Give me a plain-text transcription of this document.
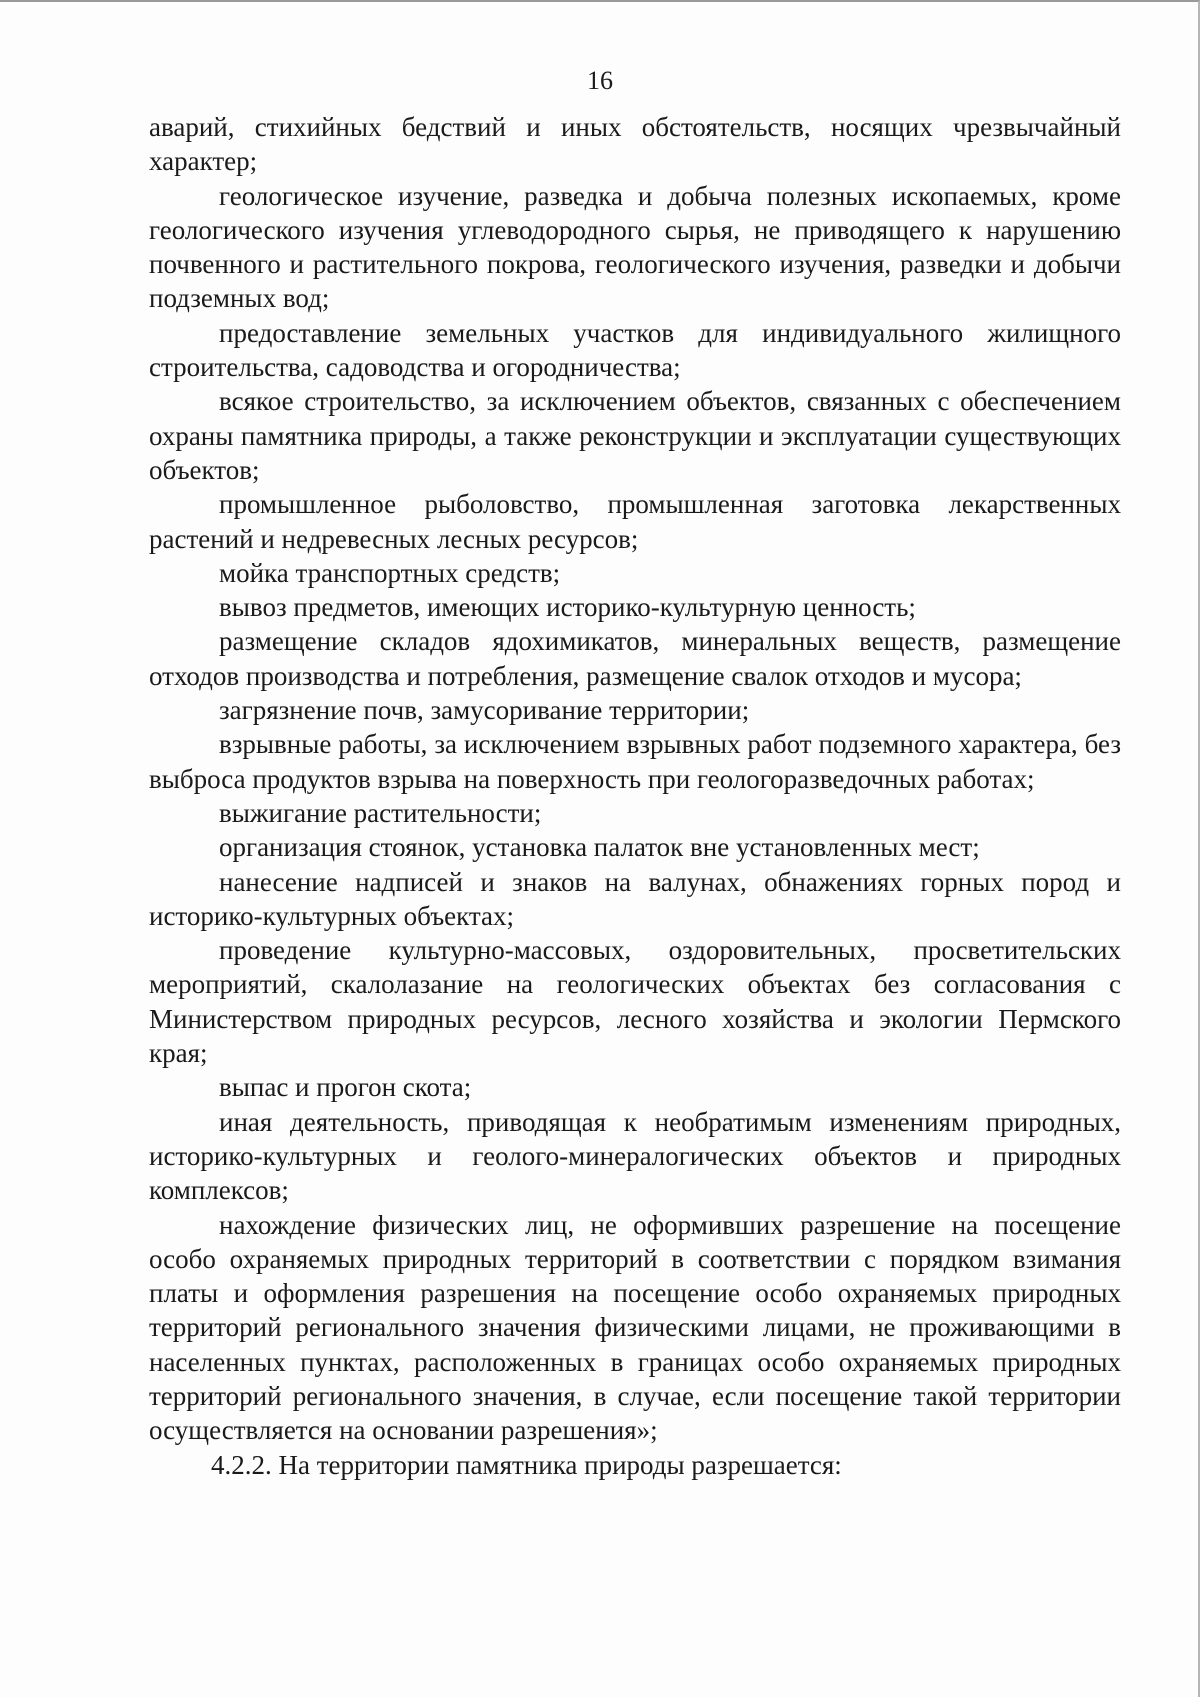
16

аварий, стихийных бедствий и иных обстоятельств, носящих чрезвычайный характер;

геологическое изучение, разведка и добыча полезных ископаемых, кроме геологического изучения углеводородного сырья, не приводящего к нарушению почвенного и растительного покрова, геологического изучения, разведки и добычи подземных вод;

предоставление земельных участков для индивидуального жилищного строительства, садоводства и огородничества;

всякое строительство, за исключением объектов, связанных с обеспечением охраны памятника природы, а также реконструкции и эксплуатации существующих объектов;

промышленное рыболовство, промышленная заготовка лекарственных растений и недревесных лесных ресурсов;

мойка транспортных средств;

вывоз предметов, имеющих историко-культурную ценность;

размещение складов ядохимикатов, минеральных веществ, размещение отходов производства и потребления, размещение свалок отходов и мусора;

загрязнение почв, замусоривание территории;

взрывные работы, за исключением взрывных работ подземного характера, без выброса продуктов взрыва на поверхность при геологоразведочных работах;

выжигание растительности;

организация стоянок, установка палаток вне установленных мест;

нанесение надписей и знаков на валунах, обнажениях горных пород и историко-культурных объектах;

проведение культурно-массовых, оздоровительных, просветительских мероприятий, скалолазание на геологических объектах без согласования с Министерством природных ресурсов, лесного хозяйства и экологии Пермского края;

выпас и прогон скота;

иная деятельность, приводящая к необратимым изменениям природных, историко-культурных и геолого-минералогических объектов и природных комплексов;

нахождение физических лиц, не оформивших разрешение на посещение особо охраняемых природных территорий в соответствии с порядком взимания платы и оформления разрешения на посещение особо охраняемых природных территорий регионального значения физическими лицами, не проживающими в населенных пунктах, расположенных в границах особо охраняемых природных территорий регионального значения, в случае, если посещение такой территории осуществляется на основании разрешения»;

4.2.2. На территории памятника природы разрешается:
